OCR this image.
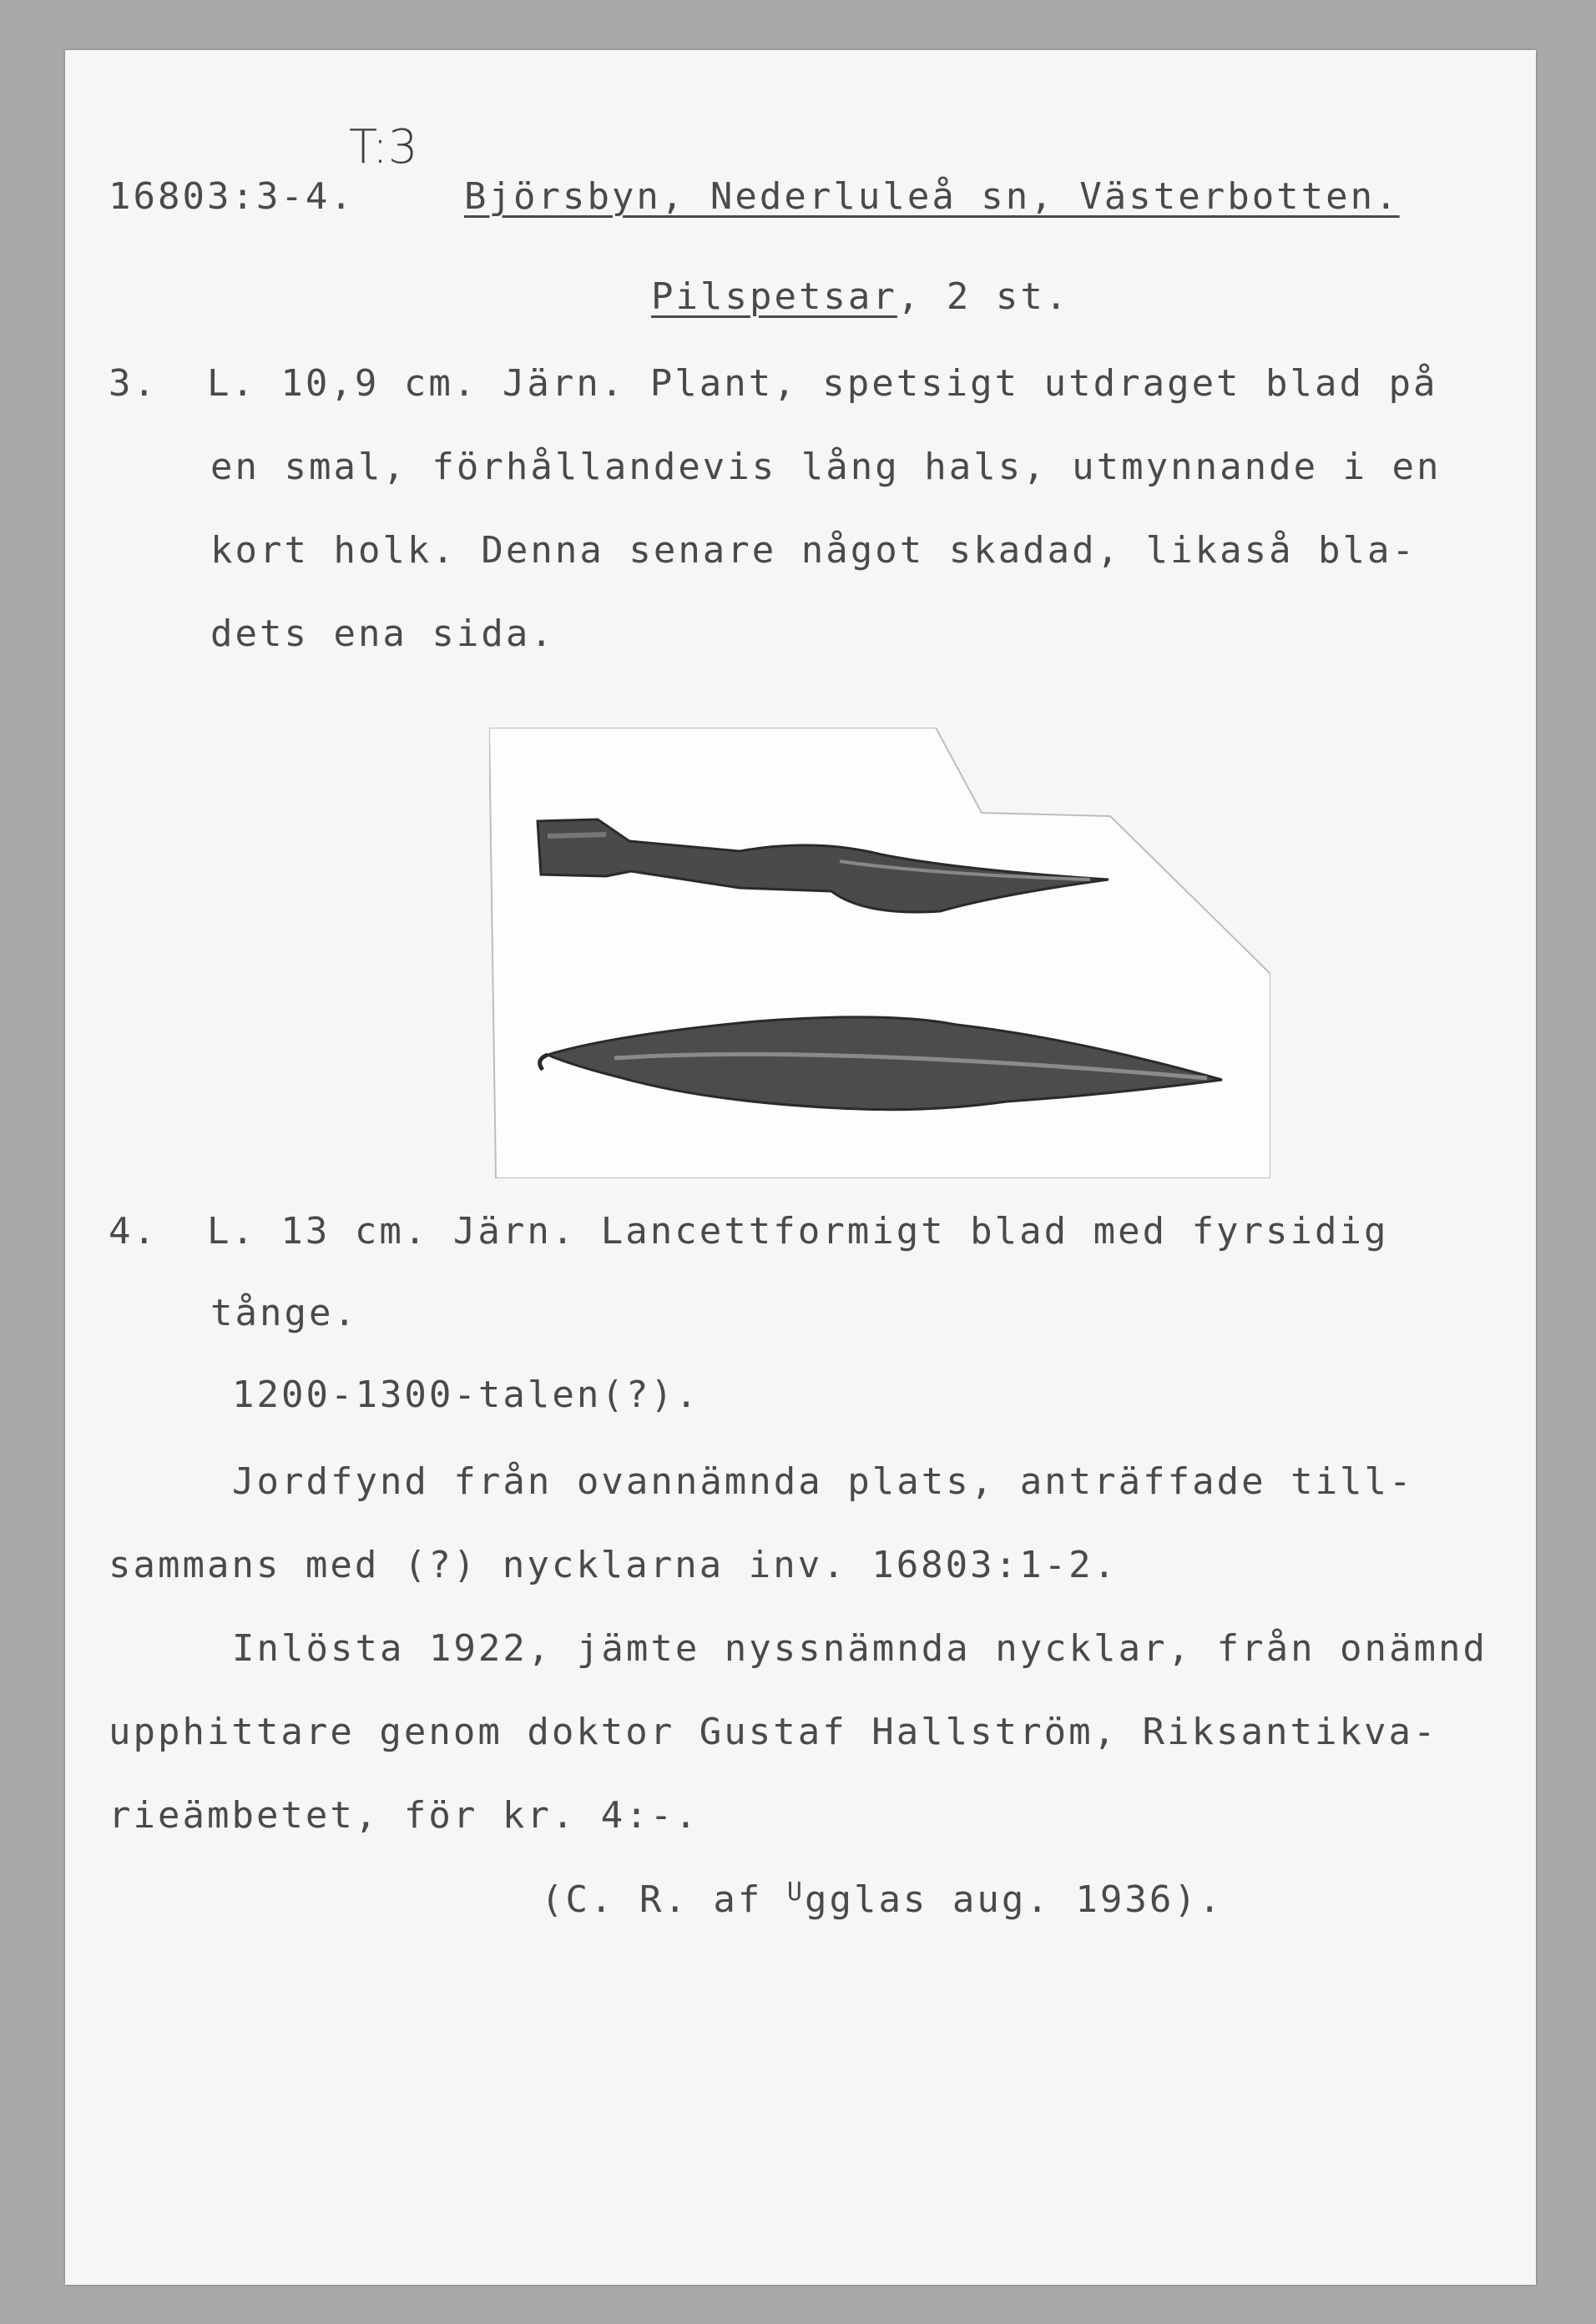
T:3
16803:3-4.	Björsbyn, Nederluleå sn, Västerbotten.
Pilspetsar, 2 st.
3.  L. 10,9 cm. Järn. Plant, spetsigt utdraget blad på
en smal, förhållandevis lång hals, utmynnande i en
kort holk. Denna senare något skadad, likaså bla-
dets ena sida.
4.  L. 13 cm. Järn. Lancettformigt blad med fyrsidig
tånge.
1200-1300-talen(?).
Jordfynd från ovannämnda plats, anträffade till-
sammans med (?) nycklarna inv. 16803:1-2.
Inlösta 1922, jämte nyssnämnda nycklar, från onämnd
upphittare genom doktor Gustaf Hallström, Riksantikva-
rieämbetet, för kr. 4:-.
(C. R. af $^U$gglas aug. 1936).
